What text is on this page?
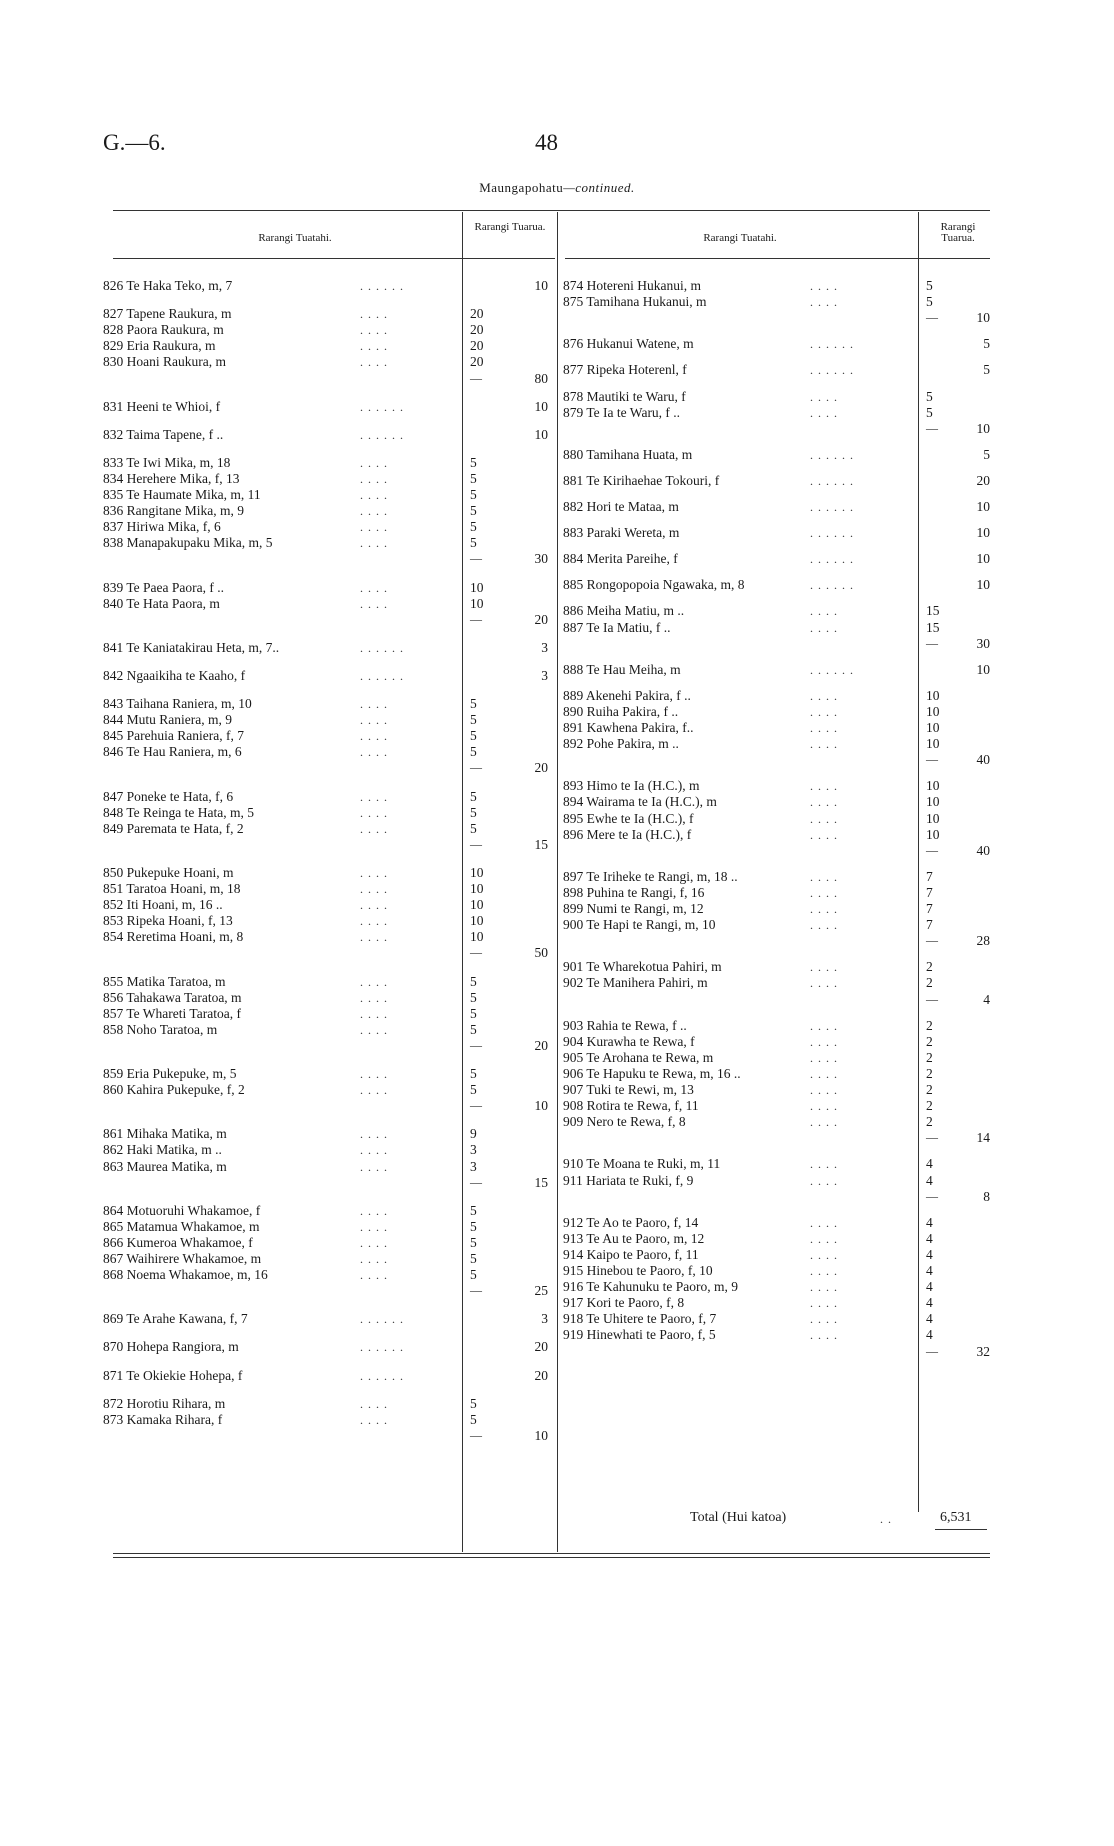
G.—6.	48
Maungapohatu—continued.
Rarangi Tuatahi.
Rarangi Tuarua.
Rarangi Tuatahi.
Rarangi Tuarua.
826 Te Haka Teko, m, 7	. . . . . .	10
827 Tapene Raukura, m	. . . .	20
828 Paora Raukura, m	. . . .	20
829 Eria Raukura, m	. . . .	20
830 Hoani Raukura, m	. . . .	20
—	80
831 Heeni te Whioi, f	. . . . . .	10
832 Taima Tapene, f ..	. . . . . .	10
833 Te Iwi Mika, m, 18	. . . .	5
834 Herehere Mika, f, 13	. . . .	5
835 Te Haumate Mika, m, 11	. . . .	5
836 Rangitane Mika, m, 9	. . . .	5
837 Hiriwa Mika, f, 6	. . . .	5
838 Manapakupaku Mika, m, 5	. . . .	5
—	30
839 Te Paea Paora, f ..	. . . .	10
840 Te Hata Paora, m	. . . .	10
—	20
841 Te Kaniatakirau Heta, m, 7..	. . . . . .	3
842 Ngaaikiha te Kaaho, f	. . . . . .	3
843 Taihana Raniera, m, 10	. . . .	5
844 Mutu Raniera, m, 9	. . . .	5
845 Parehuia Raniera, f, 7	. . . .	5
846 Te Hau Raniera, m, 6	. . . .	5
—	20
847 Poneke te Hata, f, 6	. . . .	5
848 Te Reinga te Hata, m, 5	. . . .	5
849 Paremata te Hata, f, 2	. . . .	5
—	15
850 Pukepuke Hoani, m	. . . .	10
851 Taratoa Hoani, m, 18	. . . .	10
852 Iti Hoani, m, 16 ..	. . . .	10
853 Ripeka Hoani, f, 13	. . . .	10
854 Reretima Hoani, m, 8	. . . .	10
—	50
855 Matika Taratoa, m	. . . .	5
856 Tahakawa Taratoa, m	. . . .	5
857 Te Whareti Taratoa, f	. . . .	5
858 Noho Taratoa, m	. . . .	5
—	20
859 Eria Pukepuke, m, 5	. . . .	5
860 Kahira Pukepuke, f, 2	. . . .	5
—	10
861 Mihaka Matika, m	. . . .	9
862 Haki Matika, m ..	. . . .	3
863 Maurea Matika, m	. . . .	3
—	15
864 Motuoruhi Whakamoe, f	. . . .	5
865 Matamua Whakamoe, m	. . . .	5
866 Kumeroa Whakamoe, f	. . . .	5
867 Waihirere Whakamoe, m	. . . .	5
868 Noema Whakamoe, m, 16	. . . .	5
—	25
869 Te Arahe Kawana, f, 7	. . . . . .	3
870 Hohepa Rangiora, m	. . . . . .	20
871 Te Okiekie Hohepa, f	. . . . . .	20
872 Horotiu Rihara, m	. . . .	5
873 Kamaka Rihara, f	. . . .	5
—	10
874 Hotereni Hukanui, m	. . . .	5
875 Tamihana Hukanui, m	. . . .	5
—	10
876 Hukanui Watene, m	. . . . . .	5
877 Ripeka Hoterenl, f	. . . . . .	5
878 Mautiki te Waru, f	. . . .	5
879 Te Ia te Waru, f ..	. . . .	5
—	10
880 Tamihana Huata, m	. . . . . .	5
881 Te Kirihaehae Tokouri, f	. . . . . .	20
882 Hori te Mataa, m	. . . . . .	10
883 Paraki Wereta, m	. . . . . .	10
884 Merita Pareihe, f	. . . . . .	10
885 Rongopopoia Ngawaka, m, 8	. . . . . .	10
886 Meiha Matiu, m ..	. . . .	15
887 Te Ia Matiu, f ..	. . . .	15
—	30
888 Te Hau Meiha, m	. . . . . .	10
889 Akenehi Pakira, f ..	. . . .	10
890 Ruiha Pakira, f ..	. . . .	10
891 Kawhena Pakira, f..	. . . .	10
892 Pohe Pakira, m ..	. . . .	10
—	40
893 Himo te Ia (H.C.), m	. . . .	10
894 Wairama te Ia (H.C.), m	. . . .	10
895 Ewhe te Ia (H.C.), f	. . . .	10
896 Mere te Ia (H.C.), f	. . . .	10
—	40
897 Te Iriheke te Rangi, m, 18 ..	. . . .	7
898 Puhina te Rangi, f, 16	. . . .	7
899 Numi te Rangi, m, 12	. . . .	7
900 Te Hapi te Rangi, m, 10	. . . .	7
—	28
901 Te Wharekotua Pahiri, m	. . . .	2
902 Te Manihera Pahiri, m	. . . .	2
—	4
903 Rahia te Rewa, f ..	. . . .	2
904 Kurawha te Rewa, f	. . . .	2
905 Te Arohana te Rewa, m	. . . .	2
906 Te Hapuku te Rewa, m, 16 ..	. . . .	2
907 Tuki te Rewi, m, 13	. . . .	2
908 Rotira te Rewa, f, 11	. . . .	2
909 Nero te Rewa, f, 8	. . . .	2
—	14
910 Te Moana te Ruki, m, 11	. . . .	4
911 Hariata te Ruki, f, 9	. . . .	4
—	8
912 Te Ao te Paoro, f, 14	. . . .	4
913 Te Au te Paoro, m, 12	. . . .	4
914 Kaipo te Paoro, f, 11	. . . .	4
915 Hinebou te Paoro, f, 10	. . . .	4
916 Te Kahunuku te Paoro, m, 9	. . . .	4
917 Kori te Paoro, f, 8	. . . .	4
918 Te Uhitere te Paoro, f, 7	. . . .	4
919 Hinewhati te Paoro, f, 5	. . . .	4
—	32
Total (Hui katoa)	. .	6,531
